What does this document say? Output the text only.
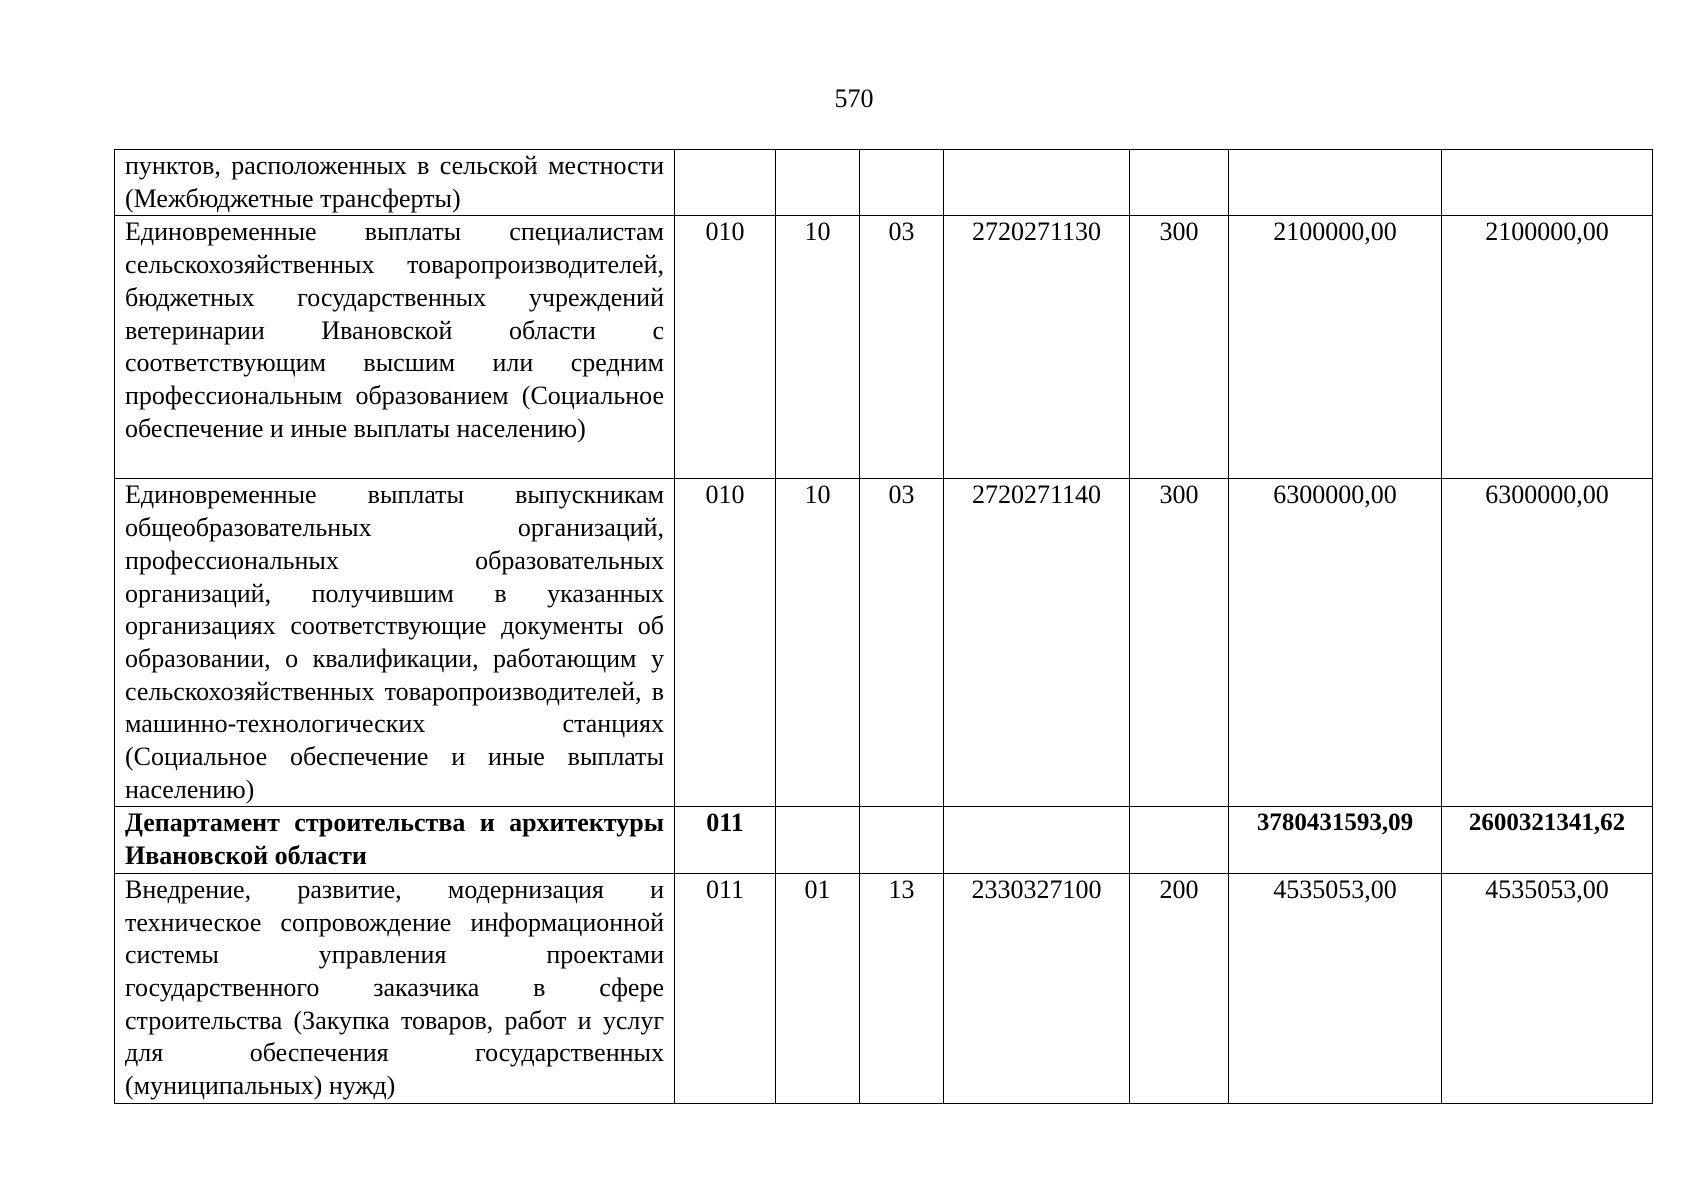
570
пунктов, расположенных в сельской местности (Межбюджетные трансферты)							
Единовременные выплаты специалистам сельскохозяйственных товаропроизводителей, бюджетных государственных учреждений ветеринарии Ивановской области с соответствующим высшим или средним профессиональным образованием (Социальное обеспечение и иные выплаты населению)	010	10	03	2720271130	300	2100000,00	2100000,00
Единовременные выплаты выпускникам общеобразовательных организаций, профессиональных образовательных организаций, получившим в указанных организациях соответствующие документы об образовании, о квалификации, работающим у сельскохозяйственных товаропроизводителей, в машинно-технологических станциях (Социальное обеспечение и иные выплаты населению)	010	10	03	2720271140	300	6300000,00	6300000,00
Департамент строительства и архитектуры Ивановской области	011					3780431593,09	2600321341,62
Внедрение, развитие, модернизация и техническое сопровождение информационной системы управления проектами государственного заказчика в сфере строительства (Закупка товаров, работ и услуг для обеспечения государственных (муниципальных) нужд)	011	01	13	2330327100	200	4535053,00	4535053,00
